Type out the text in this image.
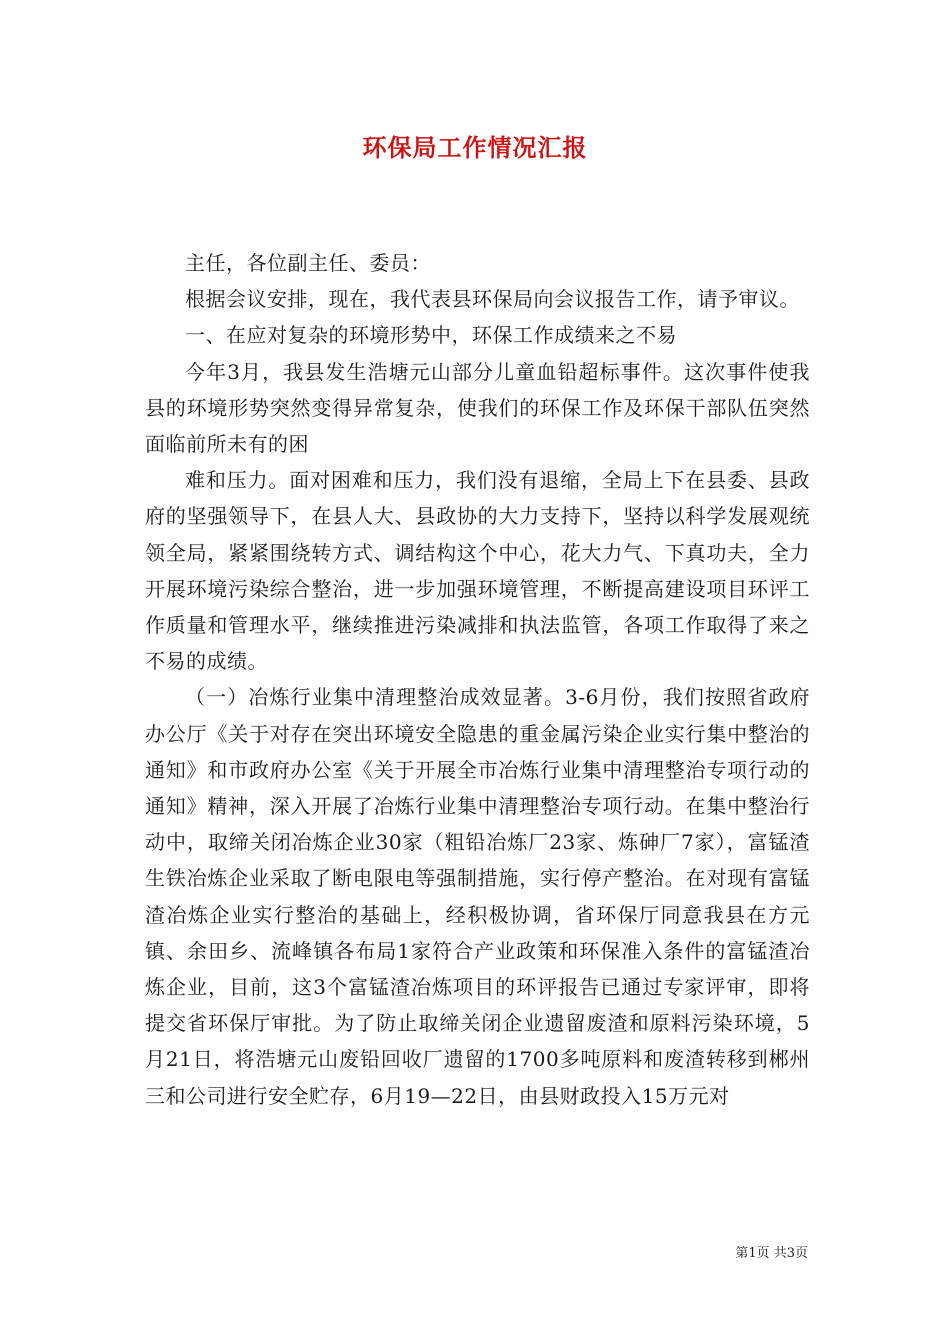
环保局工作情况汇报

主任，各位副主任、委员：

根据会议安排，现在，我代表县环保局向会议报告工作，请予审议。

一、在应对复杂的环境形势中，环保工作成绩来之不易

今年3月，我县发生浩塘元山部分儿童血铅超标事件。这次事件使我县的环境形势突然变得异常复杂，使我们的环保工作及环保干部队伍突然面临前所未有的困

难和压力。面对困难和压力，我们没有退缩，全局上下在县委、县政府的坚强领导下，在县人大、县政协的大力支持下，坚持以科学发展观统领全局，紧紧围绕转方式、调结构这个中心，花大力气、下真功夫，全力开展环境污染综合整治，进一步加强环境管理，不断提高建设项目环评工作质量和管理水平，继续推进污染减排和执法监管，各项工作取得了来之不易的成绩。

（一）冶炼行业集中清理整治成效显著。3-6月份，我们按照省政府办公厅《关于对存在突出环境安全隐患的重金属污染企业实行集中整治的通知》和市政府办公室《关于开展全市冶炼行业集中清理整治专项行动的通知》精神，深入开展了冶炼行业集中清理整治专项行动。在集中整治行动中，取缔关闭冶炼企业30家（粗铅冶炼厂23家、炼砷厂7家），富锰渣生铁冶炼企业采取了断电限电等强制措施，实行停产整治。在对现有富锰渣冶炼企业实行整治的基础上，经积极协调，省环保厅同意我县在方元镇、余田乡、流峰镇各布局1家符合产业政策和环保准入条件的富锰渣冶炼企业，目前，这3个富锰渣冶炼项目的环评报告已通过专家评审，即将提交省环保厅审批。为了防止取缔关闭企业遗留废渣和原料污染环境，5月21日，将浩塘元山废铅回收厂遗留的1700多吨原料和废渣转移到郴州三和公司进行安全贮存，6月19—22日，由县财政投入15万元对

第1页 共3页
